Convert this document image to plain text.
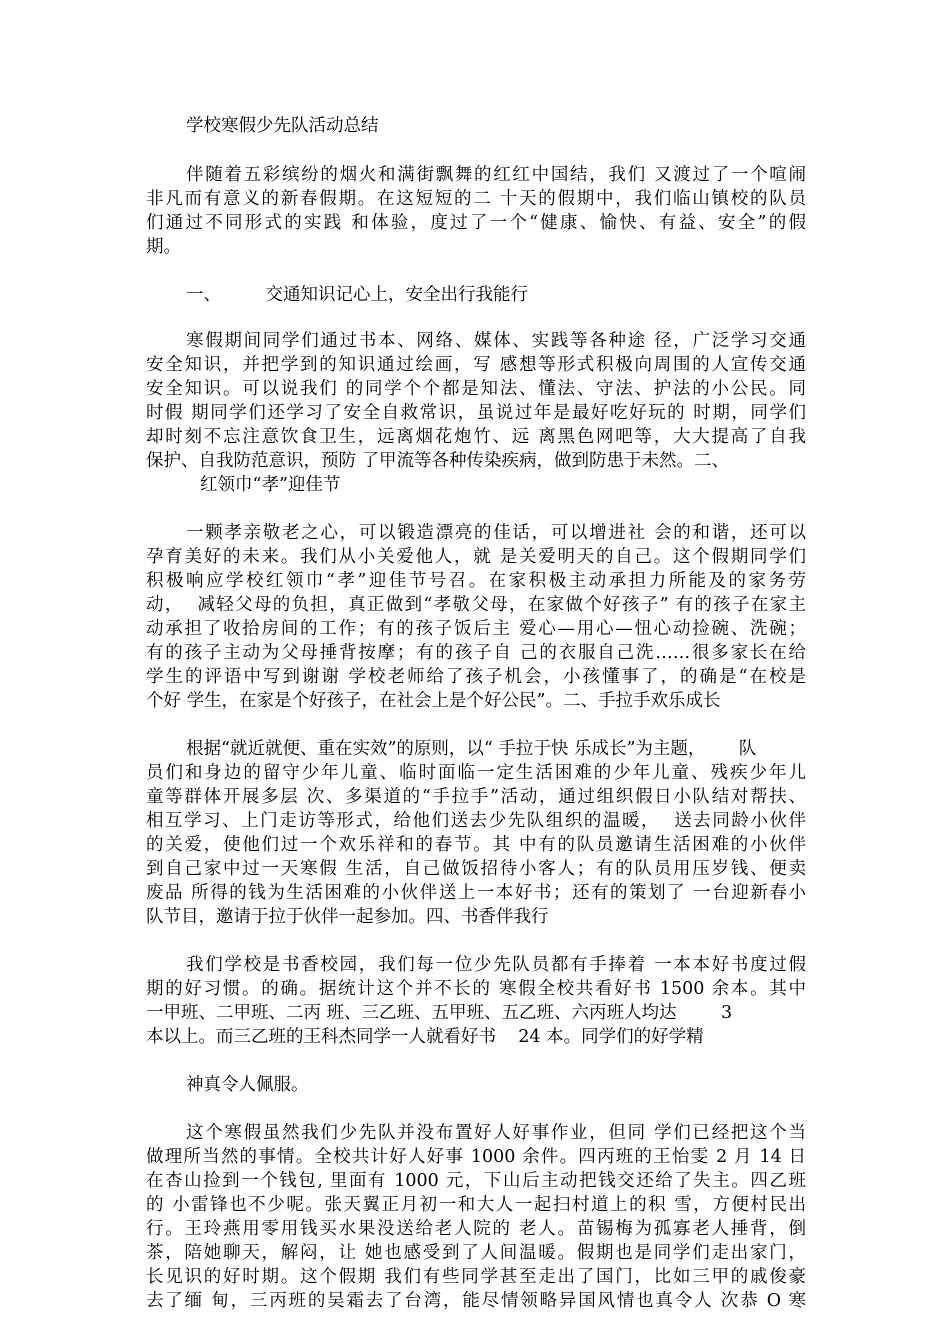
学校寒假少先队活动总结
伴随着五彩缤纷的烟火和满街飘舞的红红中国结，我们 又渡过了一个喧闹
非凡而有意义的新春假期。在这短短的二 十天的假期中，我们临山镇校的队员
们通过不同形式的实践 和体验，度过了一个“健康、愉快、有益、安全”的假
期。
一、        交通知识记心上，安全出行我能行
寒假期间同学们通过书本、网络、媒体、实践等各种途 径，广泛学习交通
安全知识，并把学到的知识通过绘画，写 感想等形式积极向周围的人宣传交通
安全知识。可以说我们 的同学个个都是知法、懂法、守法、护法的小公民。同
时假 期同学们还学习了安全自救常识，虽说过年是最好吃好玩的 时期，同学们
却时刻不忘注意饮食卫生，远离烟花炮竹、远 离黑色网吧等，大大提高了自我
保护、自我防范意识，预防 了甲流等各种传染疾病，做到防患于未然。二、
红领巾“孝”迎佳节
一颗孝亲敬老之心，可以锻造漂亮的佳话，可以增进社 会的和谐，还可以
孕育美好的未来。我们从小关爱他人，就 是关爱明天的自己。这个假期同学们
积极响应学校红领巾“孝”迎佳节号召。在家积极主动承担力所能及的家务劳
动，  减轻父母的负担，真正做到“孝敬父母，在家做个好孩子” 有的孩子在家主
动承担了收拾房间的工作；有的孩子饭后主 爱心—用心—忸心动捡碗、洗碗；
有的孩子主动为父母捶背按摩；有的孩子自 己的衣服自己洗……很多家长在给
学生的评语中写到谢谢 学校老师给了孩子机会，小孩懂事了，的确是“在校是
个好 学生，在家是个好孩子，在社会上是个好公民”。二、手拉手欢乐成长
根据“就近就便、重在实效”的原则，以“ 手拉于快 乐成长”为主题，      队
员们和身边的留守少年儿童、临时面临一定生活困难的少年儿童、残疾少年儿
童等群体开展多层 次、多渠道的“手拉手”活动，通过组织假日小队结对帮扶、
相互学习、上门走访等形式，给他们送去少先队组织的温暖，  送去同龄小伙伴
的关爱，使他们过一个欢乐祥和的春节。其 中有的队员邀请生活困难的小伙伴
到自己家中过一天寒假 生活，自己做饭招待小客人；有的队员用压岁钱、便卖
废品 所得的钱为生活困难的小伙伴送上一本好书；还有的策划了 一台迎新春小
队节目，邀请于拉于伙伴一起参加。四、书香伴我行
我们学校是书香校园，我们每一位少先队员都有手捧着 一本本好书度过假
期的好习惯。的确。据统计这个并不长的 寒假全校共看好书 1500 余本。其中
一甲班、二甲班、二丙 班、三乙班、五甲班、五乙班、六丙班人均达        3
本以上。而三乙班的王科杰同学一人就看好书    24 本。同学们的好学精
神真令人佩服。
这个寒假虽然我们少先队并没布置好人好事作业，但同 学们已经把这个当
做理所当然的事情。全校共计好人好事 1000 余件。四丙班的王怡雯 2 月 14 日
在杏山捡到一个钱包, 里面有 1000 元，下山后主动把钱交还给了失主。四乙班
的 小雷锋也不少呢。张天翼正月初一和大人一起扫村道上的积 雪，方便村民出
行。王玲燕用零用钱买水果没送给老人院的 老人。苗锡梅为孤寡老人捶背，倒
茶，陪她聊天，解闷，让 她也感受到了人间温暖。假期也是同学们走出家门，
长见识的好时期。这个假期 我们有些同学甚至走出了国门，比如三甲的戚俊豪
去了缅 甸，三丙班的吴霜去了台湾，能尽情领略异国风情也真令人 次恭 O 寒
